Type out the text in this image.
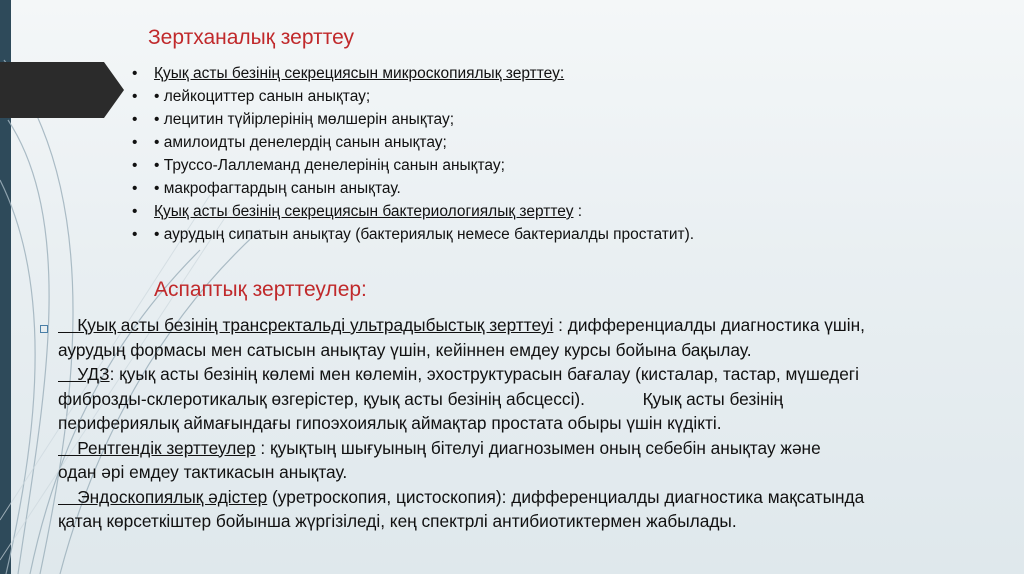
Зертханалық зерттеу
• Қуық асты безінің секрециясын микроскопиялық зерттеу:
• • лейкоциттер санын анықтау;
• • лецитин түйірлерінің мөлшерін анықтау;
• • амилоидты денелердің санын анықтау;
• • Труссо-Лаллеманд денелерінің санын анықтау;
• • макрофагтардың санын анықтау.
• Қуық асты безінің секрециясын бактериологиялық зерттеу :
• • аурудың сипатын анықтау (бактериялық немесе бактериалды простатит).
Аспаптық зерттеулер:
Қуық асты безінің трансректальді ультрадыбыстық зерттеуі : дифференциалды диагностика үшін,
аурудың формасы мен сатысын анықтау үшін, кейіннен емдеу курсы бойына бақылау.
УДЗ: қуық асты безінің көлемі мен көлемін, эхоструктурасын бағалау (кисталар, тастар, мүшедегі
фиброзды-склеротикалық өзгерістер, қуық асты безінің абсцессі).            Қуық асты безінің
перифериялық аймағындағы гипоэхоиялық аймақтар простата обыры үшін күдікті.
Рентгендік зерттеулер : қуықтың шығуының бітелуі диагнозымен оның себебін анықтау және
одан әрі емдеу тактикасын анықтау.
Эндоскопиялық әдістер (уретроскопия, цистоскопия): дифференциалды диагностика мақсатында
қатаң көрсеткіштер бойынша жүргізіледі, кең спектрлі антибиотиктермен жабылады.
